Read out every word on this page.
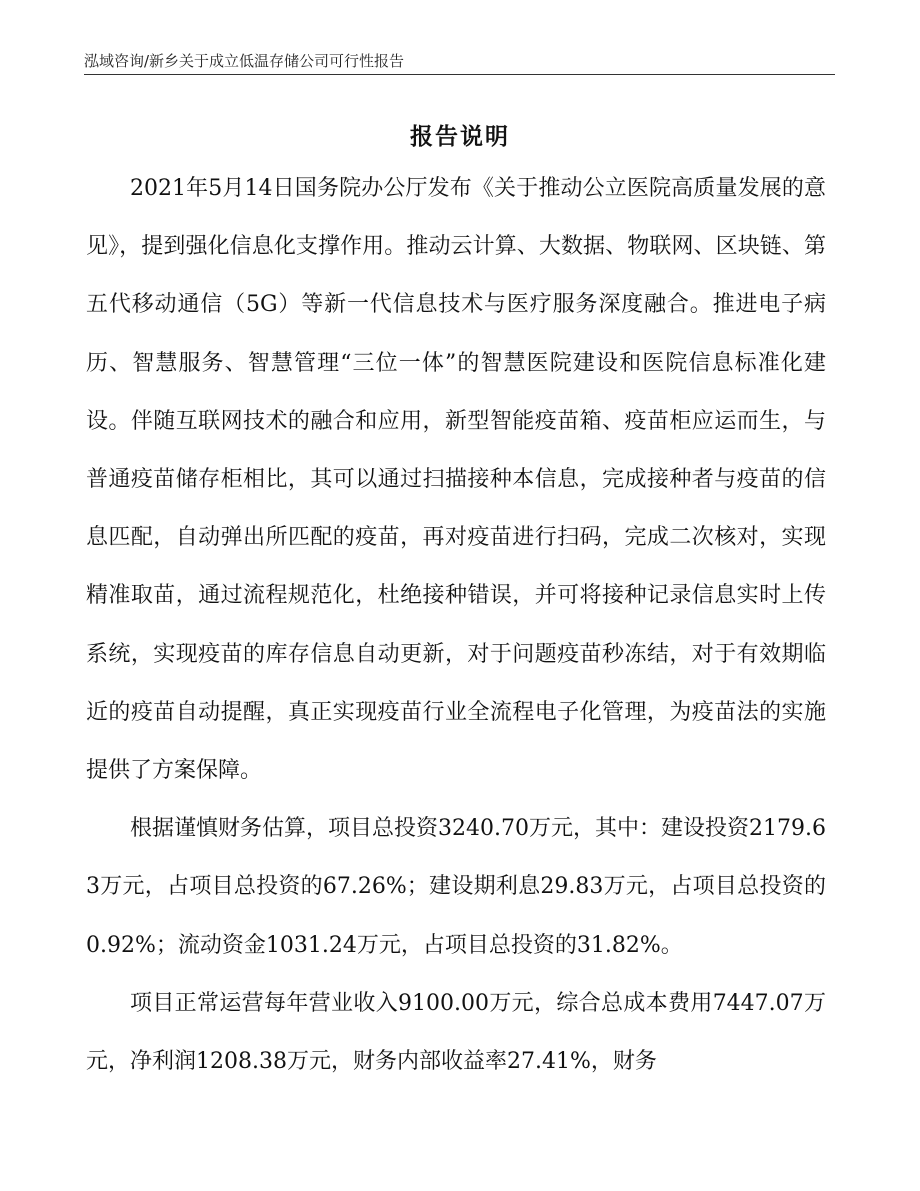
泓域咨询/新乡关于成立低温存储公司可行性报告
报告说明

2021年5月14日国务院办公厅发布《关于推动公立医院高质量发展的意见》，提到强化信息化支撑作用。推动云计算、大数据、物联网、区块链、第五代移动通信（5G）等新一代信息技术与医疗服务深度融合。推进电子病历、智慧服务、智慧管理“三位一体”的智慧医院建设和医院信息标准化建设。伴随互联网技术的融合和应用，新型智能疫苗箱、疫苗柜应运而生，与普通疫苗储存柜相比，其可以通过扫描接种本信息，完成接种者与疫苗的信息匹配，自动弹出所匹配的疫苗，再对疫苗进行扫码，完成二次核对，实现精准取苗，通过流程规范化，杜绝接种错误，并可将接种记录信息实时上传系统，实现疫苗的库存信息自动更新，对于问题疫苗秒冻结，对于有效期临近的疫苗自动提醒，真正实现疫苗行业全流程电子化管理，为疫苗法的实施提供了方案保障。

根据谨慎财务估算，项目总投资3240.70万元，其中：建设投资2179.63万元，占项目总投资的67.26%；建设期利息29.83万元，占项目总投资的0.92%；流动资金1031.24万元，占项目总投资的31.82%。

项目正常运营每年营业收入9100.00万元，综合总成本费用7447.07万元，净利润1208.38万元，财务内部收益率27.41%，财务
